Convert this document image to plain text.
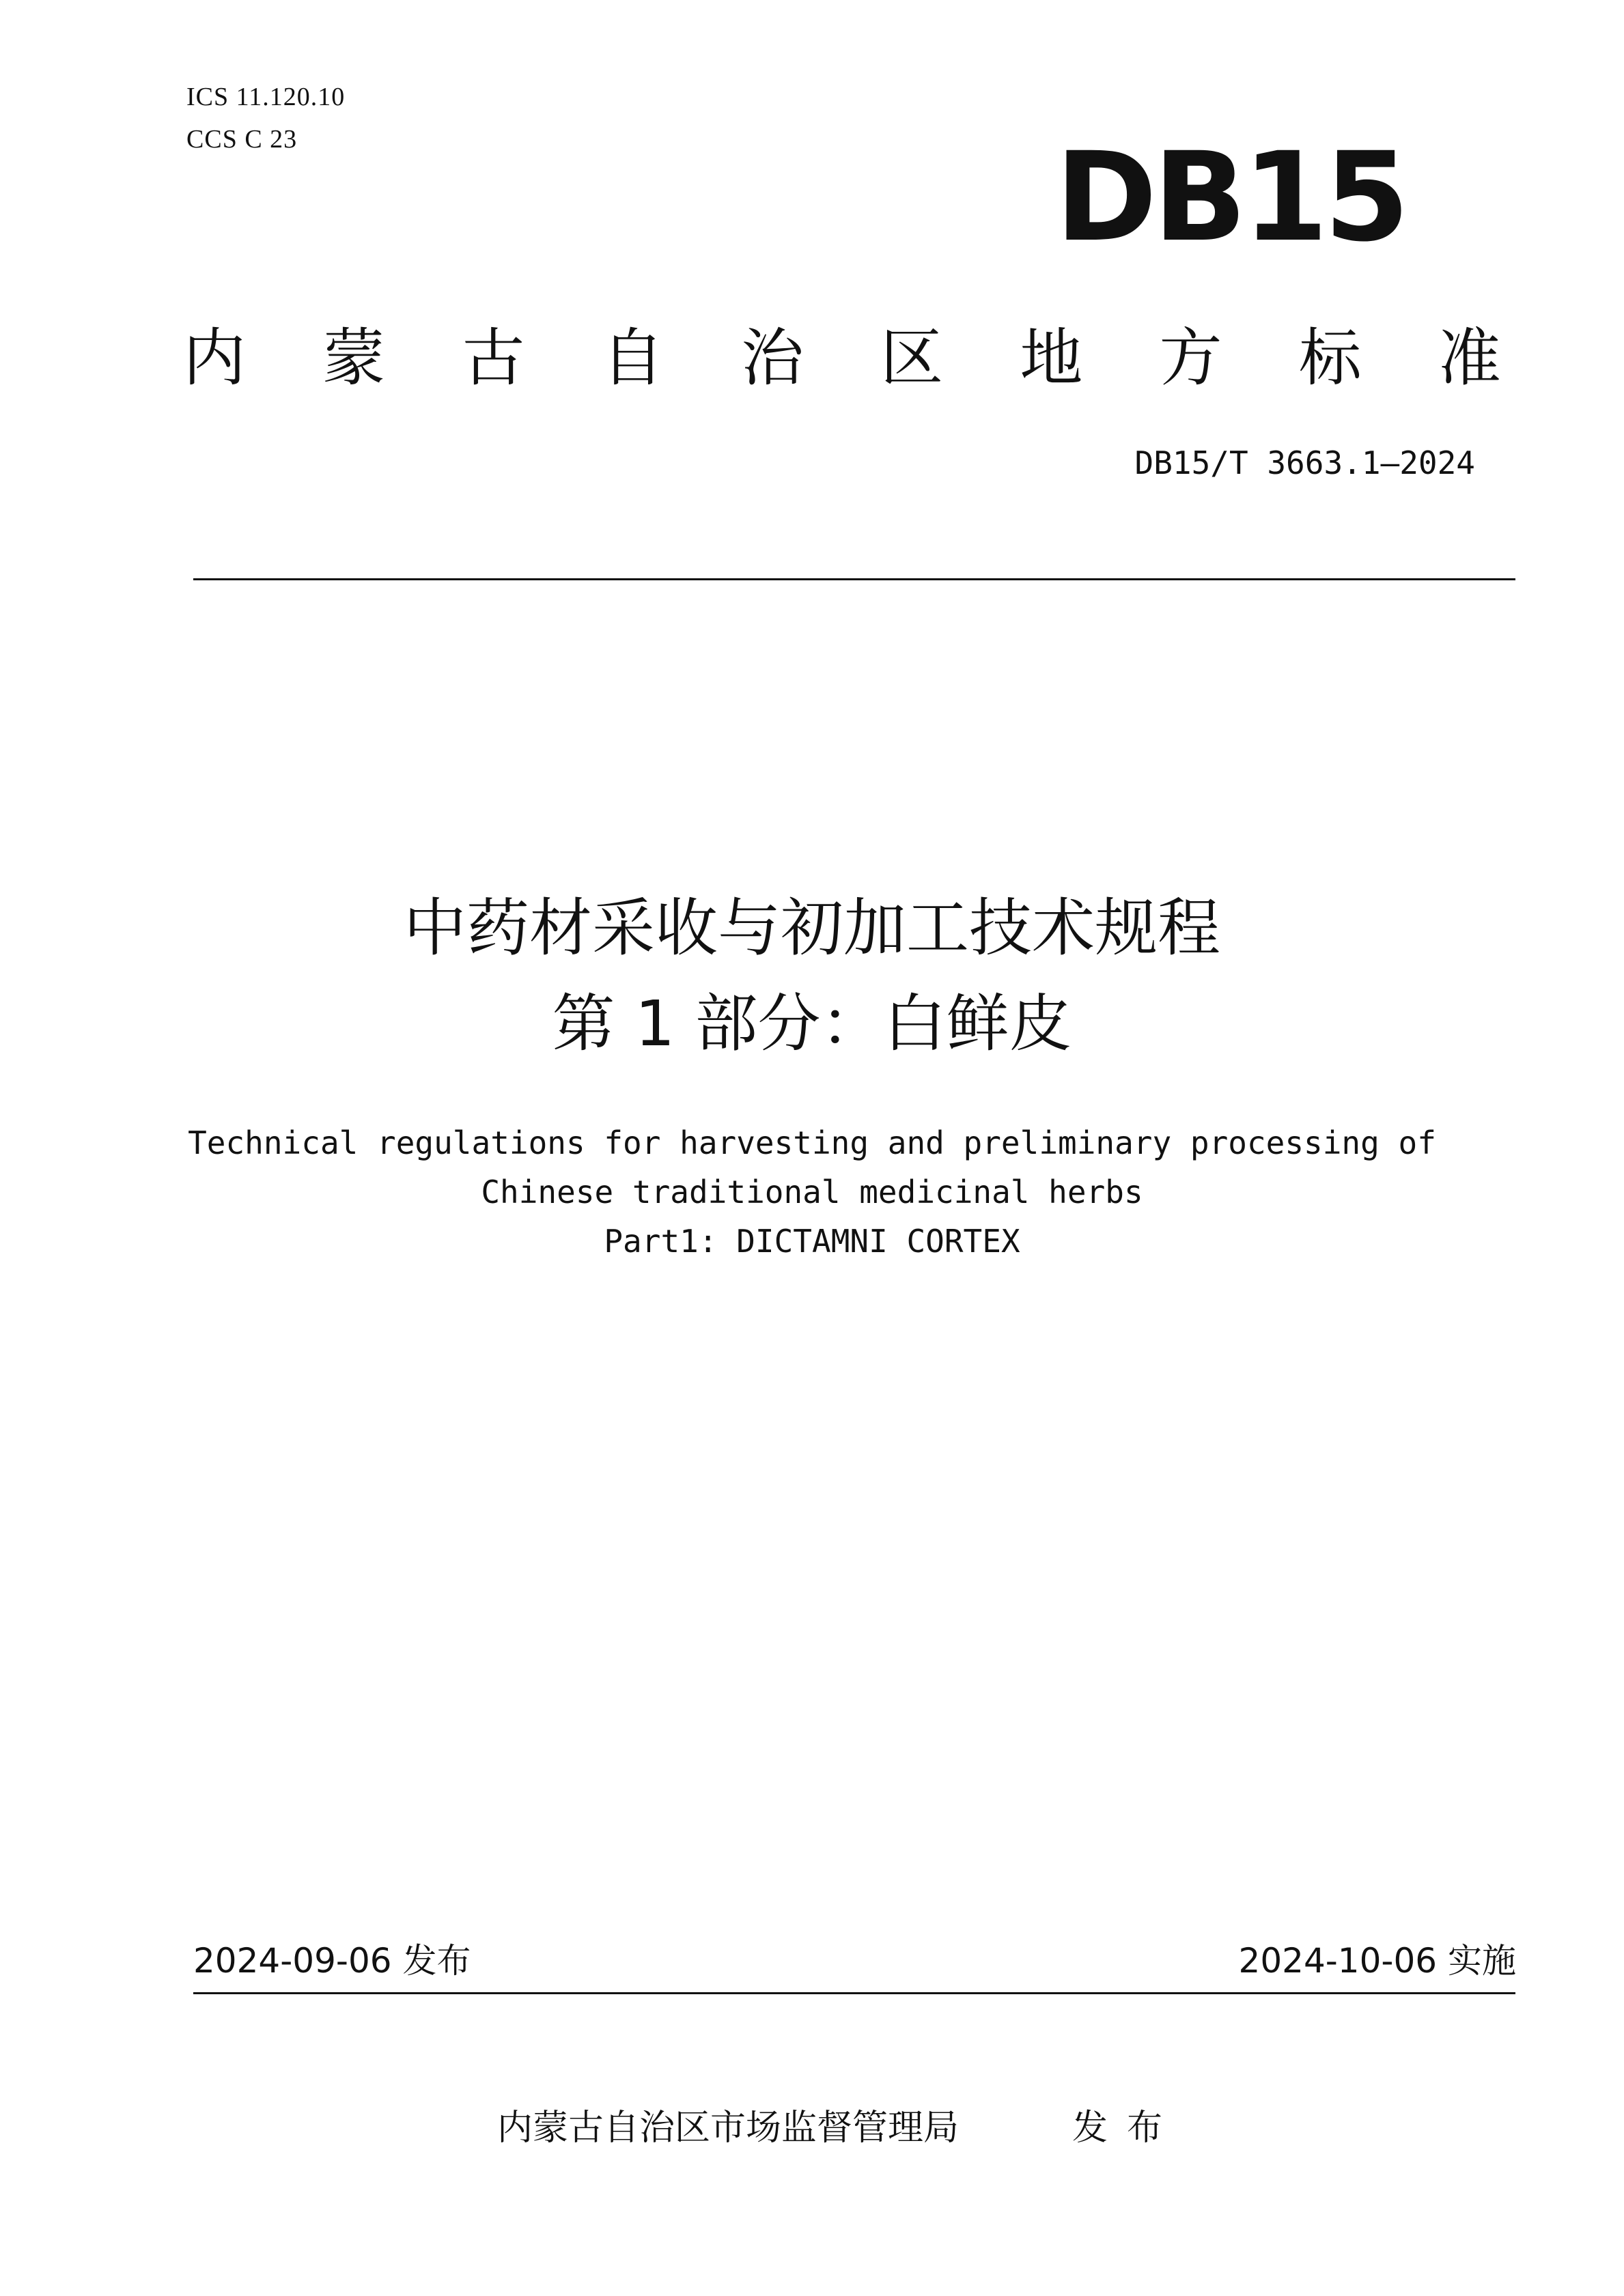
ICS 11.120.10
CCS C 23	DB15
内 蒙 古 自 治 区 地 方 标 准
DB15/T 3663.1—2024
中药材采收与初加工技术规程
第 1 部分：白鲜皮
Technical regulations for harvesting and preliminary processing of
Chinese traditional medicinal herbs
Part1: DICTAMNI CORTEX
2024-09-06 发布	2024-10-06 实施
内蒙古自治区市场监督管理局	发布
